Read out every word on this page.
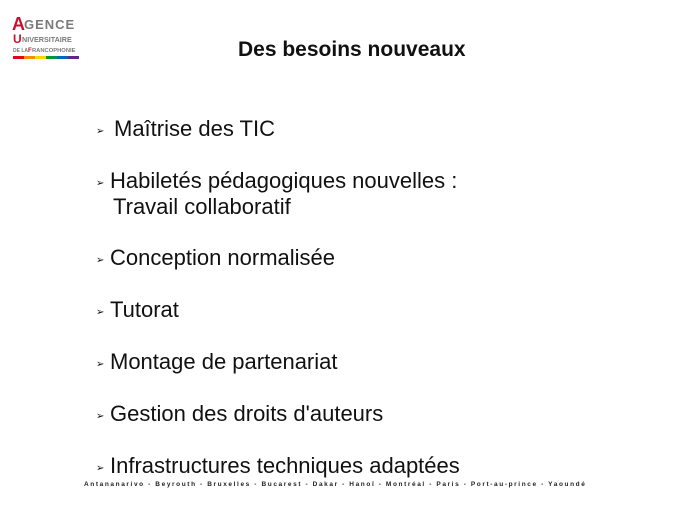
A GENCE
U NIVERSITAIRE
DE LA F RANCOPHONIE	Des besoins nouveaux
➢ Maîtrise des TIC
➢ Habiletés pédagogiques nouvelles :
Travail collaboratif
➢ Conception normalisée
➢ Tutorat
➢ Montage de partenariat
➢ Gestion des droits d'auteurs
➢ Infrastructures techniques adaptées
Antananarivo - Beyrouth - Bruxelles - Bucarest - Dakar - Hanoï - Montréal - Paris - Port-au-prince - Yaoundé
